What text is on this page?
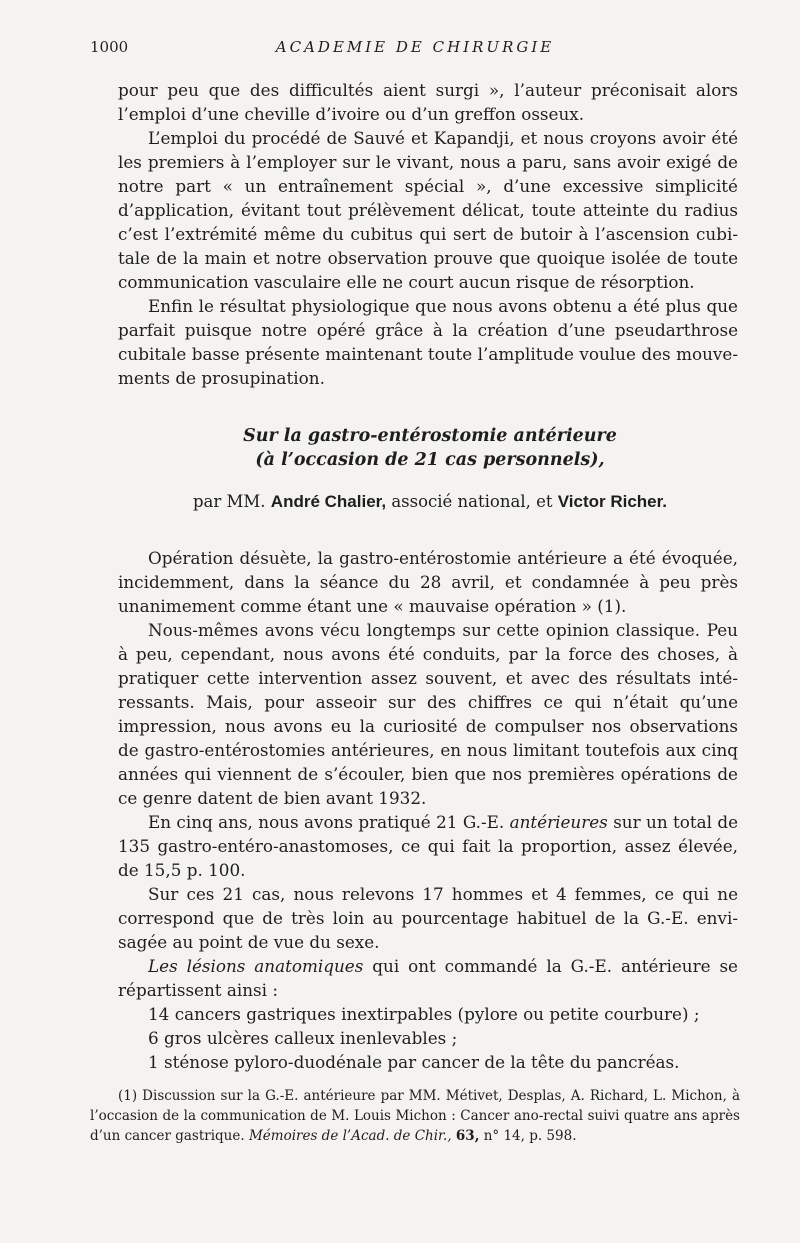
1000	ACADEMIE DE CHIRURGIE

pour peu que des difficultés aient surgi », l’auteur préconisait alors l’emploi d’une cheville d’ivoire ou d’un greffon osseux.

L’emploi du procédé de Sauvé et Kapandji, et nous croyons avoir été les premiers à l’employer sur le vivant, nous a paru, sans avoir exigé de notre part « un entraînement spécial », d’une excessive simplicité d’application, évitant tout prélèvement délicat, toute atteinte du radius c’est l’extrémité même du cubitus qui sert de butoir à l’ascension cubitale de la main et notre observation prouve que quoique isolée de toute communication vasculaire elle ne court aucun risque de résorption.

Enfin le résultat physiologique que nous avons obtenu a été plus que parfait puisque notre opéré grâce à la création d’une pseudarthrose cubitale basse présente maintenant toute l’amplitude voulue des mouvements de prosupination.

Sur la gastro-entérostomie antérieure
(à l’occasion de 21 cas personnels),
par MM. André Chalier, associé national, et Victor Richer.

Opération désuète, la gastro-entérostomie antérieure a été évoquée, incidemment, dans la séance du 28 avril, et condamnée à peu près unanimement comme étant une « mauvaise opération » (1).

Nous-mêmes avons vécu longtemps sur cette opinion classique. Peu à peu, cependant, nous avons été conduits, par la force des choses, à pratiquer cette intervention assez souvent, et avec des résultats intéressants. Mais, pour asseoir sur des chiffres ce qui n’était qu’une impression, nous avons eu la curiosité de compulser nos observations de gastro-entérostomies antérieures, en nous limitant toutefois aux cinq années qui viennent de s’écouler, bien que nos premières opérations de ce genre datent de bien avant 1932.

En cinq ans, nous avons pratiqué 21 G.-E. antérieures sur un total de 135 gastro-entéro-anastomoses, ce qui fait la proportion, assez élevée, de 15,5 p. 100.

Sur ces 21 cas, nous relevons 17 hommes et 4 femmes, ce qui ne correspond que de très loin au pourcentage habituel de la G.-E. envisagée au point de vue du sexe.

Les lésions anatomiques qui ont commandé la G.-E. antérieure se répartissent ainsi :

14 cancers gastriques inextirpables (pylore ou petite courbure) ;
6 gros ulcères calleux inenlevables ;
1 sténose pyloro-duodénale par cancer de la tête du pancréas.

(1) Discussion sur la G.-E. antérieure par MM. Métivet, Desplas, A. Richard, L. Michon, à l’occasion de la communication de M. Louis Michon : Cancer ano-rectal suivi quatre ans après d’un cancer gastrique. Mémoires de l’Acad. de Chir., 63, n° 14, p. 598.
